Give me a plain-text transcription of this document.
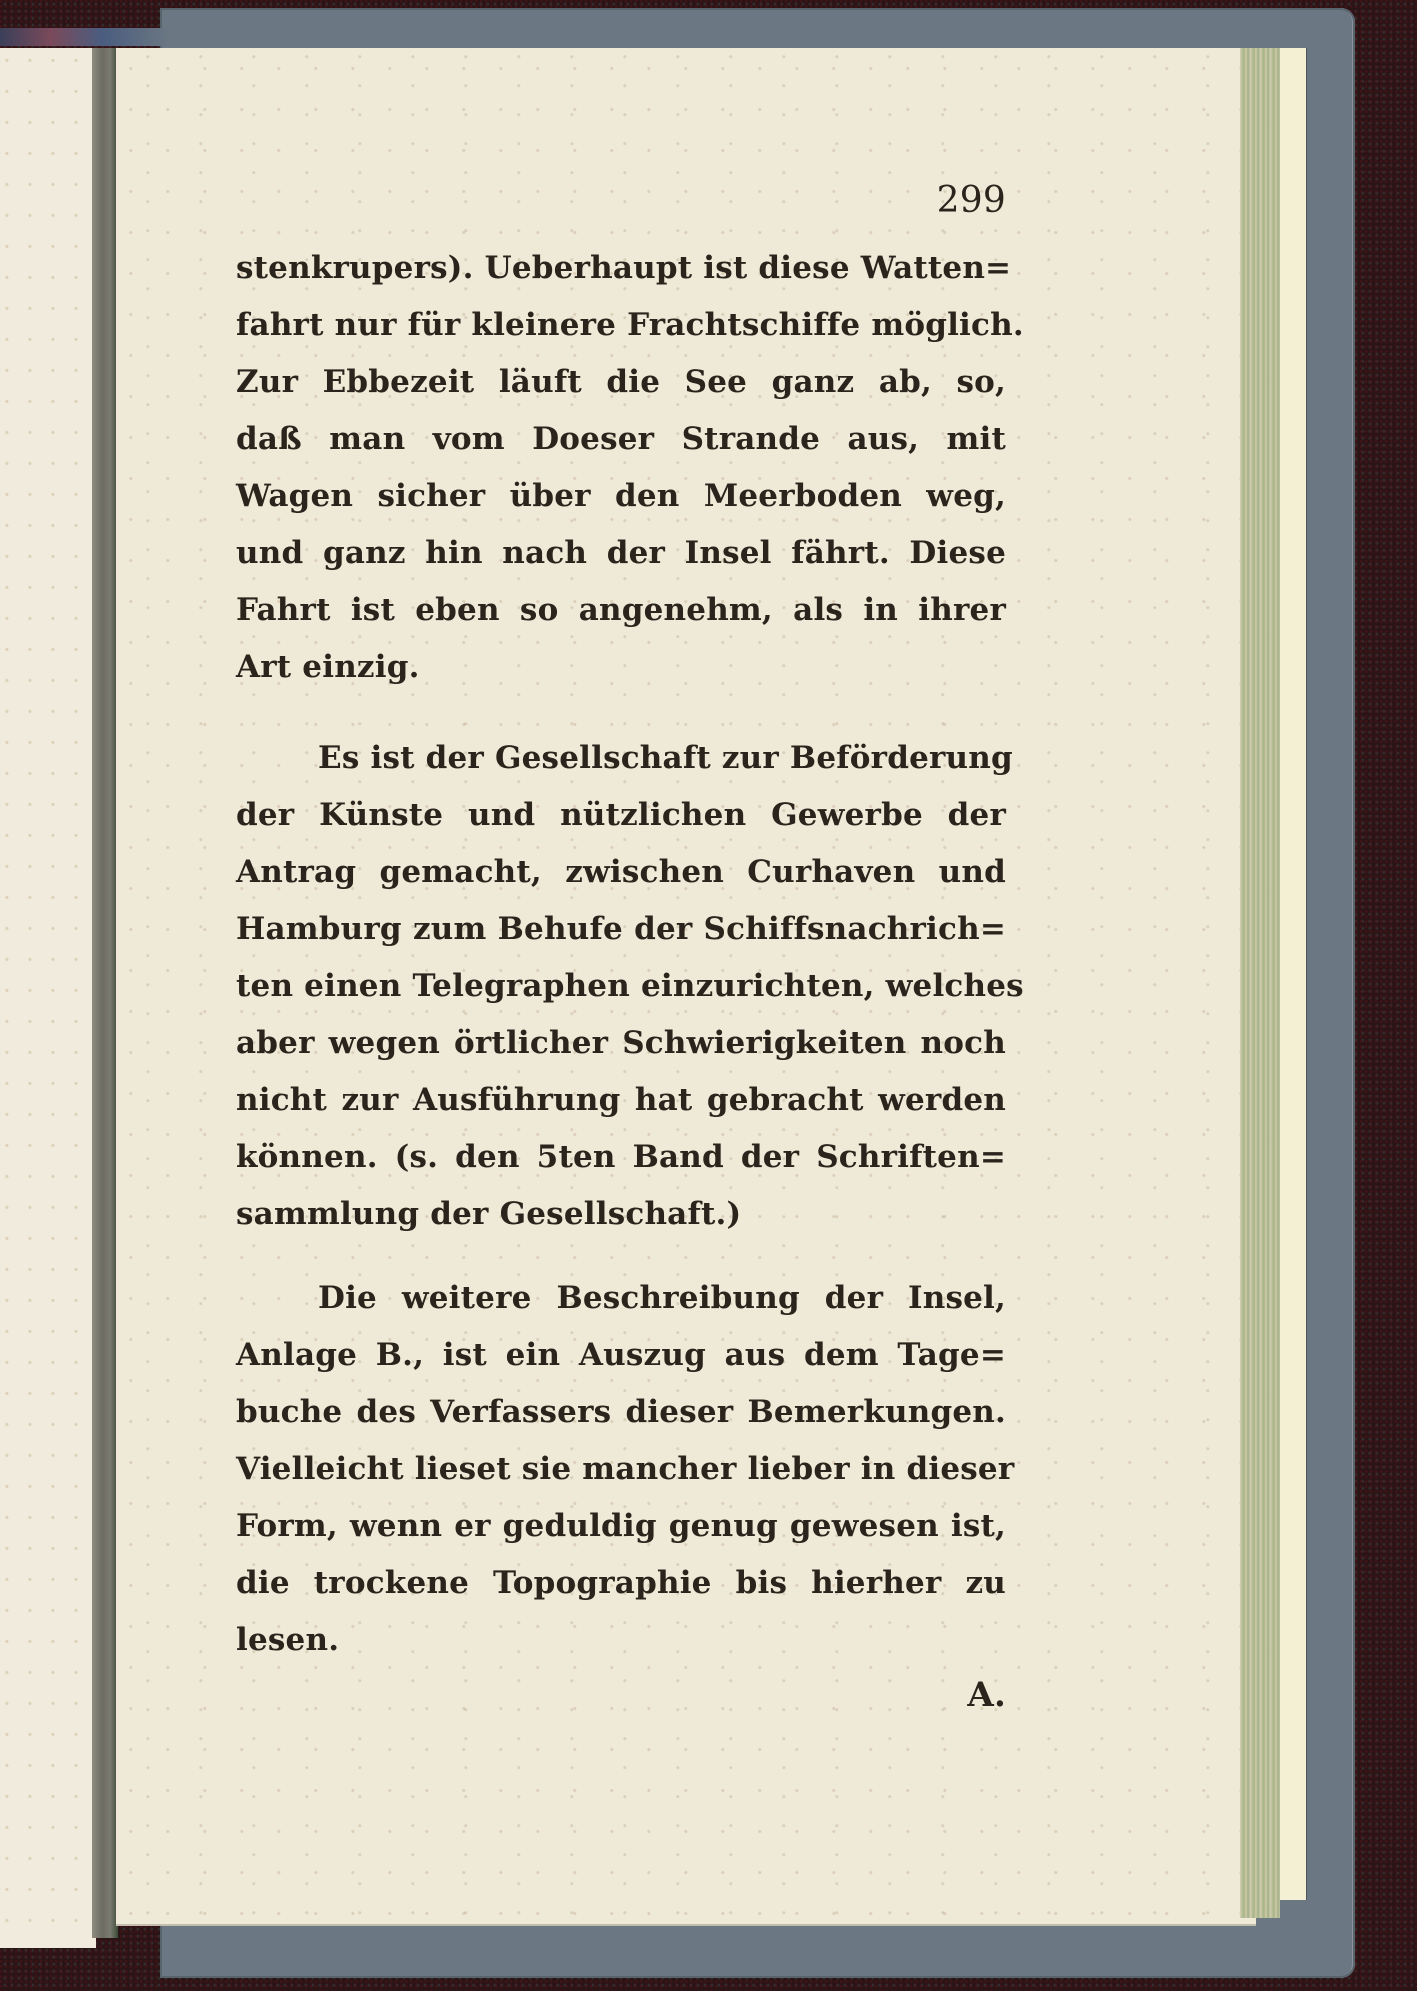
299
stenkrupers). Ueberhaupt ist diese Watten=
fahrt nur für kleinere Frachtschiffe möglich.
Zur Ebbezeit läuft die See ganz ab, so,
daß man vom Doeser Strande aus, mit
Wagen sicher über den Meerboden weg,
und ganz hin nach der Insel fährt. Diese
Fahrt ist eben so angenehm, als in ihrer
Art einzig.
Es ist der Gesellschaft zur Beförderung
der Künste und nützlichen Gewerbe der
Antrag gemacht, zwischen Curhaven und
Hamburg zum Behufe der Schiffsnachrich=
ten einen Telegraphen einzurichten, welches
aber wegen örtlicher Schwierigkeiten noch
nicht zur Ausführung hat gebracht werden
können. (s. den 5ten Band der Schriften=
sammlung der Gesellschaft.)
Die weitere Beschreibung der Insel,
Anlage B., ist ein Auszug aus dem Tage=
buche des Verfassers dieser Bemerkungen.
Vielleicht lieset sie mancher lieber in dieser
Form, wenn er geduldig genug gewesen ist,
die trockene Topographie bis hierher zu
lesen.
A.
